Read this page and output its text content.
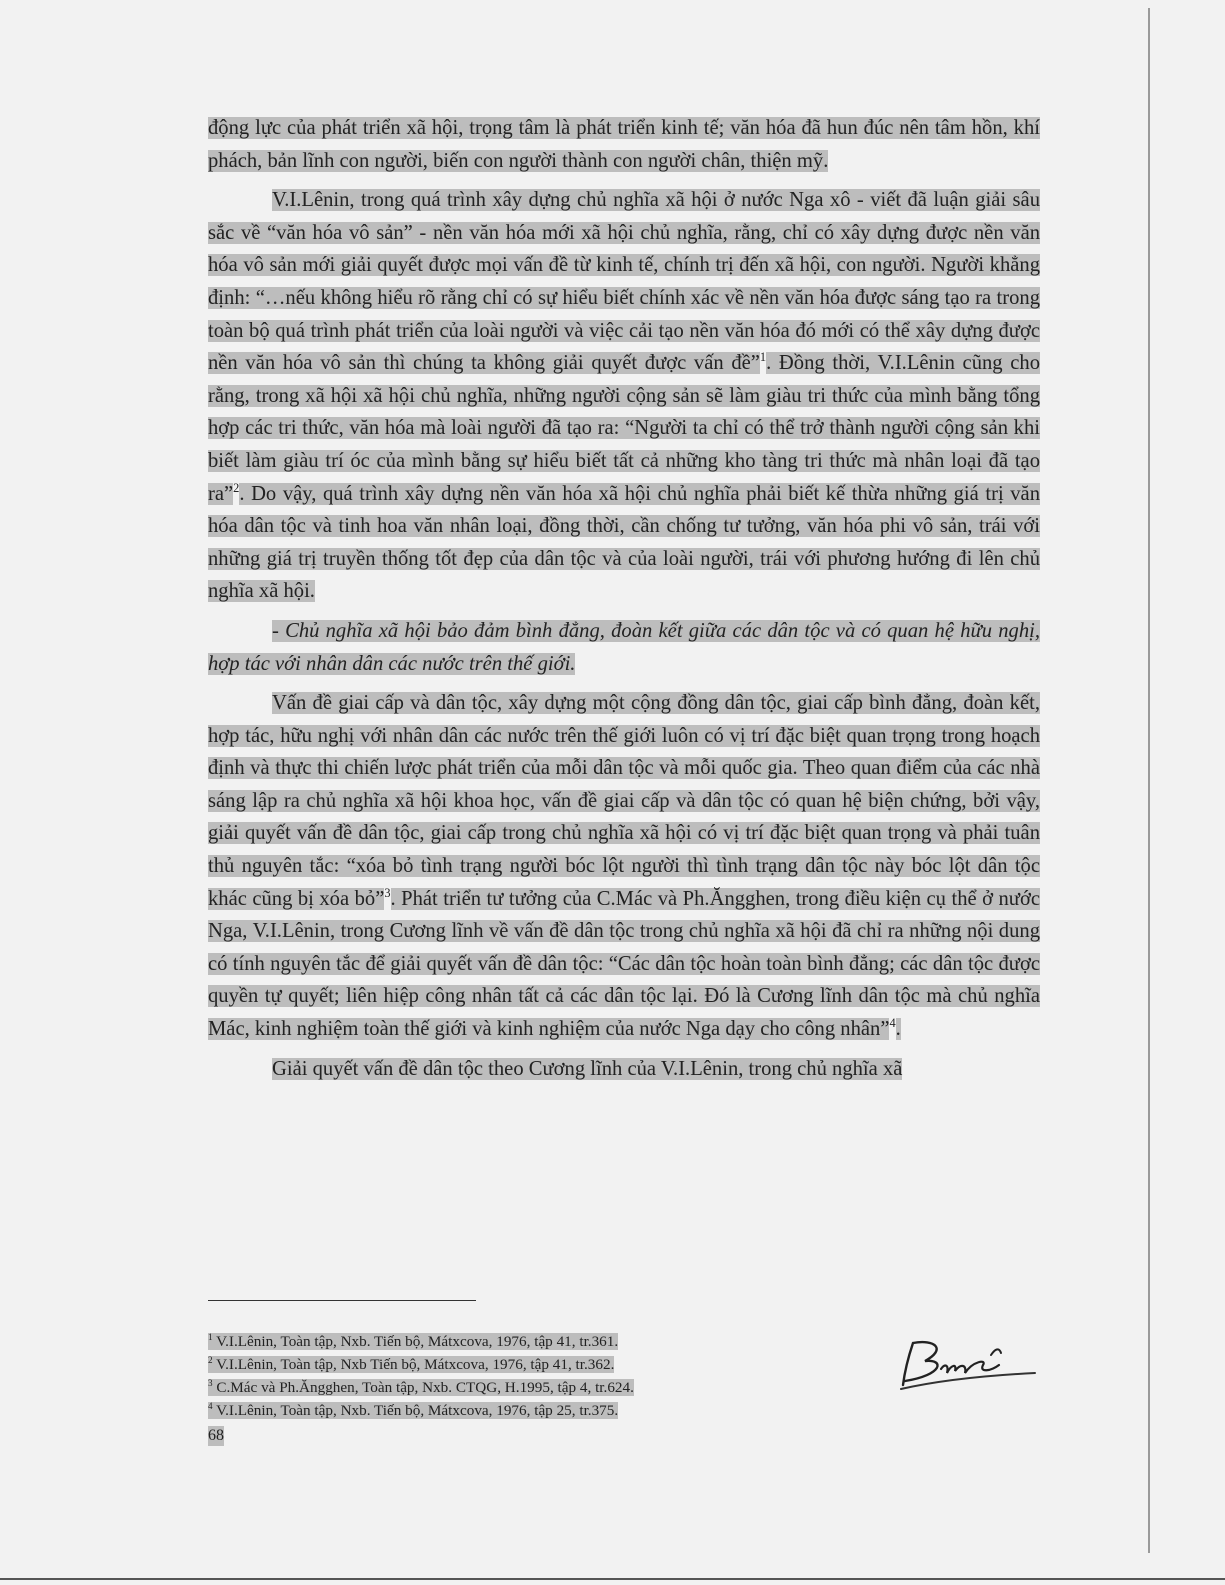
động lực của phát triển xã hội, trọng tâm là phát triển kinh tế; văn hóa đã hun đúc nên tâm hồn, khí phách, bản lĩnh con người, biến con người thành con người chân, thiện mỹ.

V.I.Lênin, trong quá trình xây dựng chủ nghĩa xã hội ở nước Nga xô - viết đã luận giải sâu sắc về “văn hóa vô sản” - nền văn hóa mới xã hội chủ nghĩa, rằng, chỉ có xây dựng được nền văn hóa vô sản mới giải quyết được mọi vấn đề từ kinh tế, chính trị đến xã hội, con người. Người khẳng định: “…nếu không hiểu rõ rằng chỉ có sự hiểu biết chính xác về nền văn hóa được sáng tạo ra trong toàn bộ quá trình phát triển của loài người và việc cải tạo nền văn hóa đó mới có thể xây dựng được nền văn hóa vô sản thì chúng ta không giải quyết được vấn đề”$^1$. Đồng thời, V.I.Lênin cũng cho rằng, trong xã hội xã hội chủ nghĩa, những người cộng sản sẽ làm giàu tri thức của mình bằng tổng hợp các tri thức, văn hóa mà loài người đã tạo ra: “Người ta chỉ có thể trở thành người cộng sản khi biết làm giàu trí óc của mình bằng sự hiểu biết tất cả những kho tàng tri thức mà nhân loại đã tạo ra”$^2$. Do vậy, quá trình xây dựng nền văn hóa xã hội chủ nghĩa phải biết kế thừa những giá trị văn hóa dân tộc và tinh hoa văn nhân loại, đồng thời, cần chống tư tưởng, văn hóa phi vô sản, trái với những giá trị truyền thống tốt đẹp của dân tộc và của loài người, trái với phương hướng đi lên chủ nghĩa xã hội.

- Chủ nghĩa xã hội bảo đảm bình đẳng, đoàn kết giữa các dân tộc và có quan hệ hữu nghị, hợp tác với nhân dân các nước trên thế giới.

Vấn đề giai cấp và dân tộc, xây dựng một cộng đồng dân tộc, giai cấp bình đẳng, đoàn kết, hợp tác, hữu nghị với nhân dân các nước trên thế giới luôn có vị trí đặc biệt quan trọng trong hoạch định và thực thi chiến lược phát triển của mỗi dân tộc và mỗi quốc gia. Theo quan điểm của các nhà sáng lập ra chủ nghĩa xã hội khoa học, vấn đề giai cấp và dân tộc có quan hệ biện chứng, bởi vậy, giải quyết vấn đề dân tộc, giai cấp trong chủ nghĩa xã hội có vị trí đặc biệt quan trọng và phải tuân thủ nguyên tắc: “xóa bỏ tình trạng người bóc lột người thì tình trạng dân tộc này bóc lột dân tộc khác cũng bị xóa bỏ”$^3$. Phát triển tư tưởng của C.Mác và Ph.Ăngghen, trong điều kiện cụ thể ở nước Nga, V.I.Lênin, trong Cương lĩnh về vấn đề dân tộc trong chủ nghĩa xã hội đã chỉ ra những nội dung có tính nguyên tắc để giải quyết vấn đề dân tộc: “Các dân tộc hoàn toàn bình đẳng; các dân tộc được quyền tự quyết; liên hiệp công nhân tất cả các dân tộc lại. Đó là Cương lĩnh dân tộc mà chủ nghĩa Mác, kinh nghiệm toàn thế giới và kinh nghiệm của nước Nga dạy cho công nhân”$^4$.

Giải quyết vấn đề dân tộc theo Cương lĩnh của V.I.Lênin, trong chủ nghĩa xã

$^1$ V.I.Lênin, Toàn tập, Nxb. Tiến bộ, Mátxcova, 1976, tập 41, tr.361.
$^2$ V.I.Lênin, Toàn tập, Nxb Tiến bộ, Mátxcova, 1976, tập 41, tr.362.
$^3$ C.Mác và Ph.Ăngghen, Toàn tập, Nxb. CTQG, H.1995, tập 4, tr.624.
$^4$ V.I.Lênin, Toàn tập, Nxb. Tiến bộ, Mátxcova, 1976, tập 25, tr.375.
68
